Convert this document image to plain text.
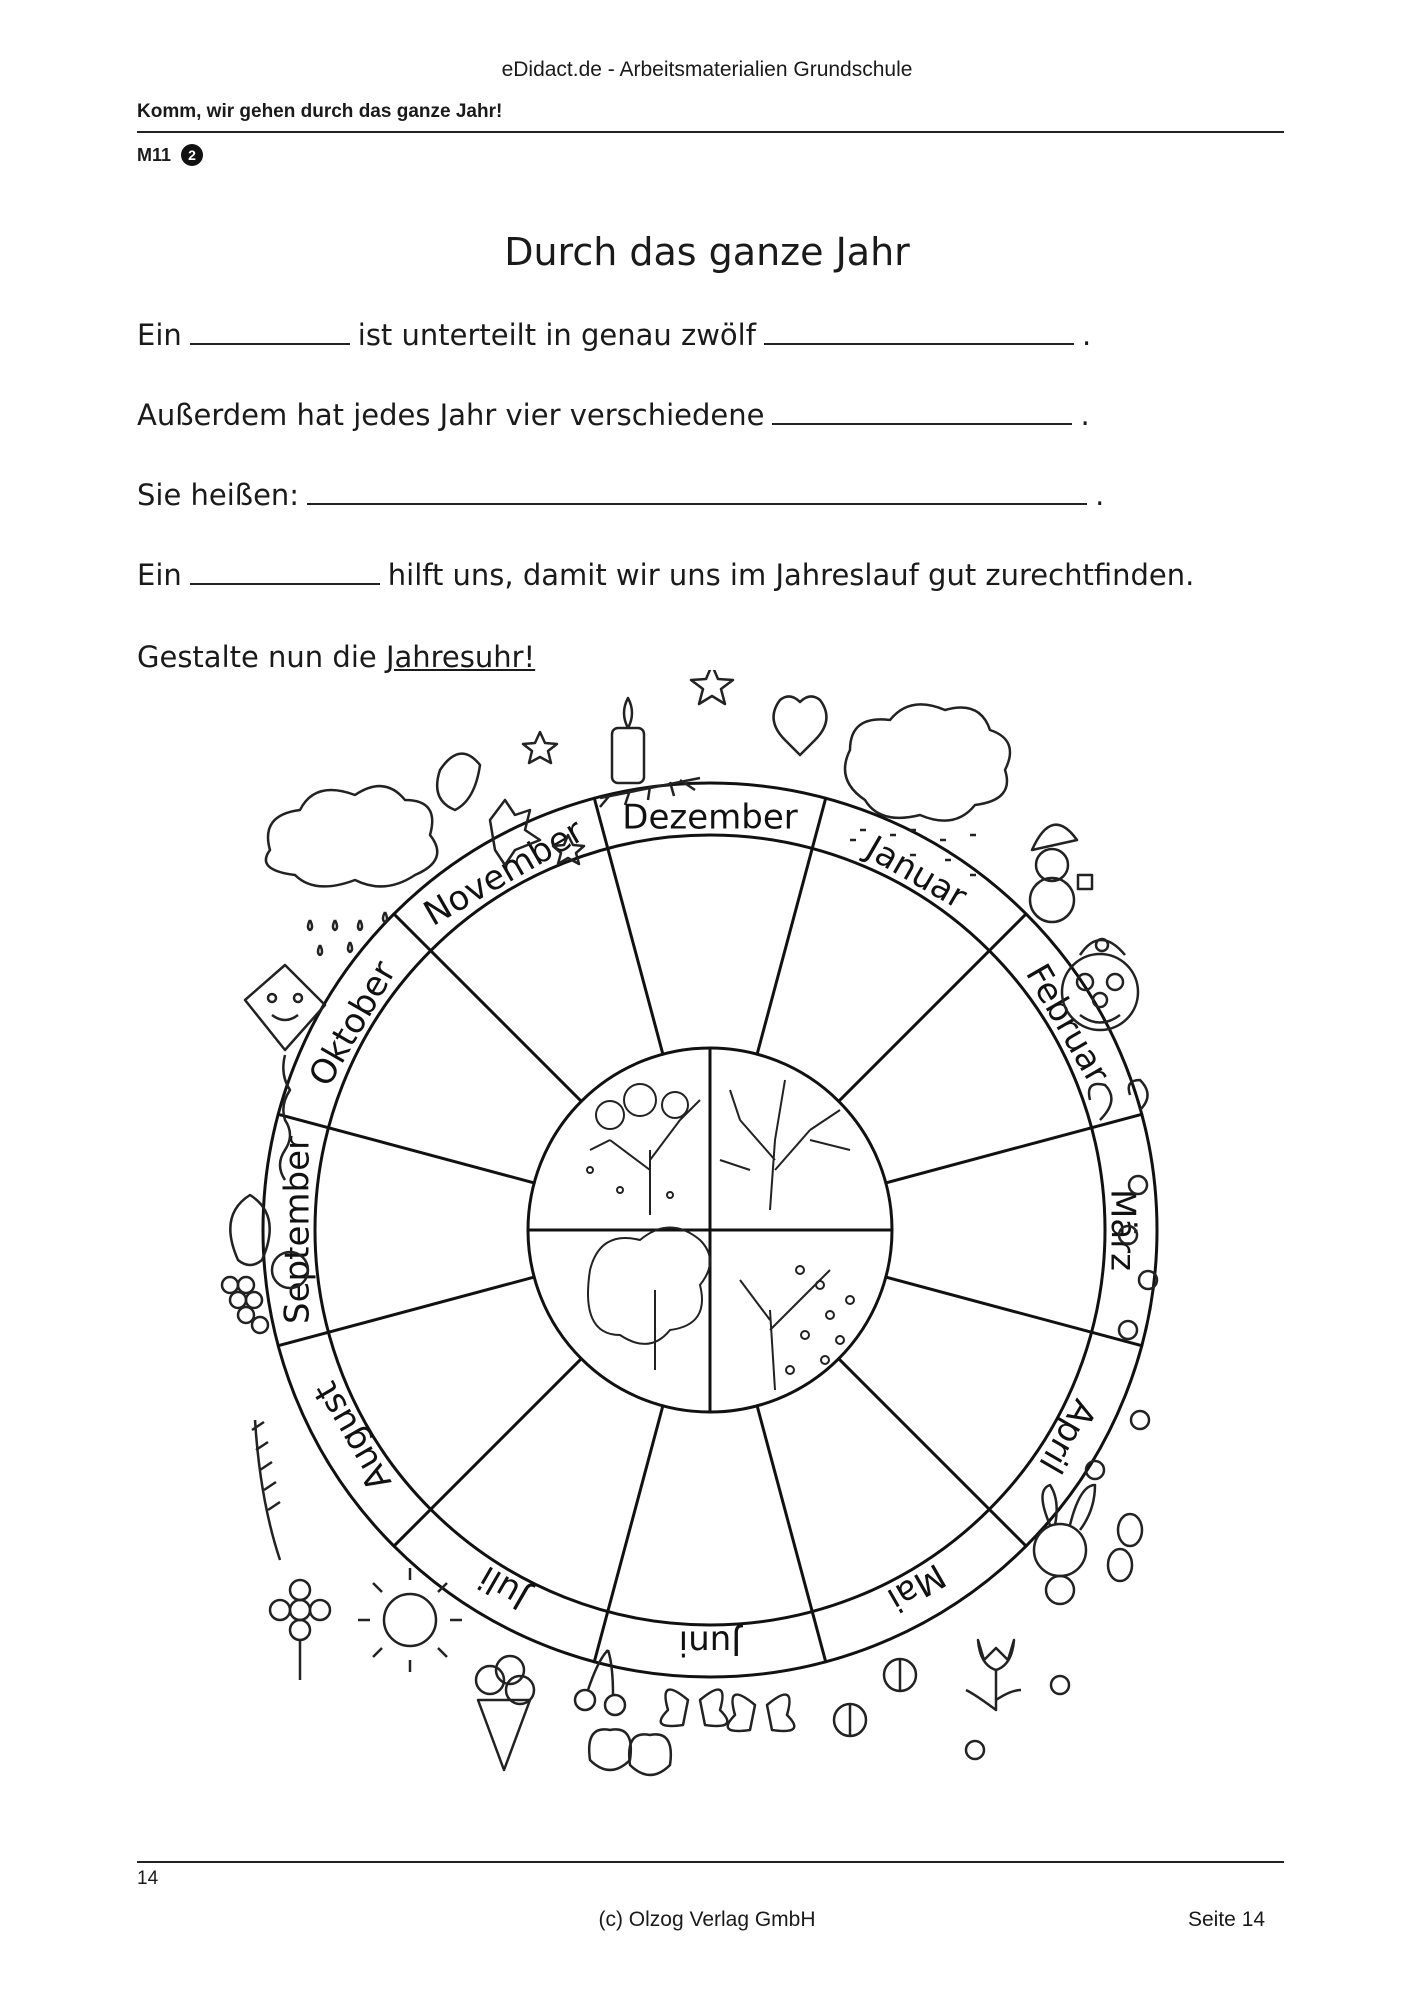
eDidact.de - Arbeitsmaterialien Grundschule
Komm, wir gehen durch das ganze Jahr!
M11	2
Durch das ganze Jahr
Ein	ist unterteilt in genau zwölf	.
Außerdem hat jedes Jahr vier verschiedene	.
Sie heißen:	.
Ein	hilft uns, damit wir uns im Jahreslauf gut zurechtfinden.
Gestalte nun die Jahresuhr!
Januar
Februar
März
April
Mai
Juni
Juli
August
September
Oktober
November Dezember
14
(c) Olzog Verlag GmbH	Seite 14
